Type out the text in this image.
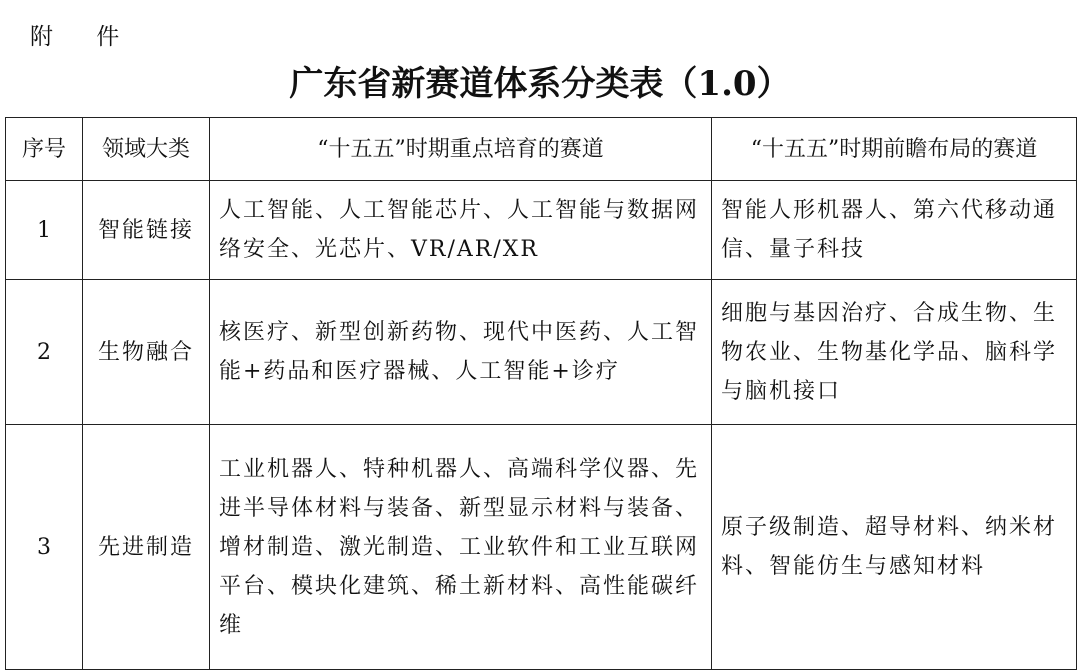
附 件
广东省新赛道体系分类表（1.0）
序号	领域大类	“十五五”时期重点培育的赛道	“十五五”时期前瞻布局的赛道
1	智能链接	人工智能、人工智能芯片、人工智能与数据网络安全、光芯片、VR/AR/XR	智能人形机器人、第六代移动通信、量子科技
2	生物融合	核医疗、新型创新药物、现代中医药、人工智能+药品和医疗器械、人工智能+诊疗	细胞与基因治疗、合成生物、生物农业、生物基化学品、脑科学与脑机接口
3	先进制造	工业机器人、特种机器人、高端科学仪器、先进半导体材料与装备、新型显示材料与装备、增材制造、激光制造、工业软件和工业互联网平台、模块化建筑、稀土新材料、高性能碳纤维	原子级制造、超导材料、纳米材料、智能仿生与感知材料
